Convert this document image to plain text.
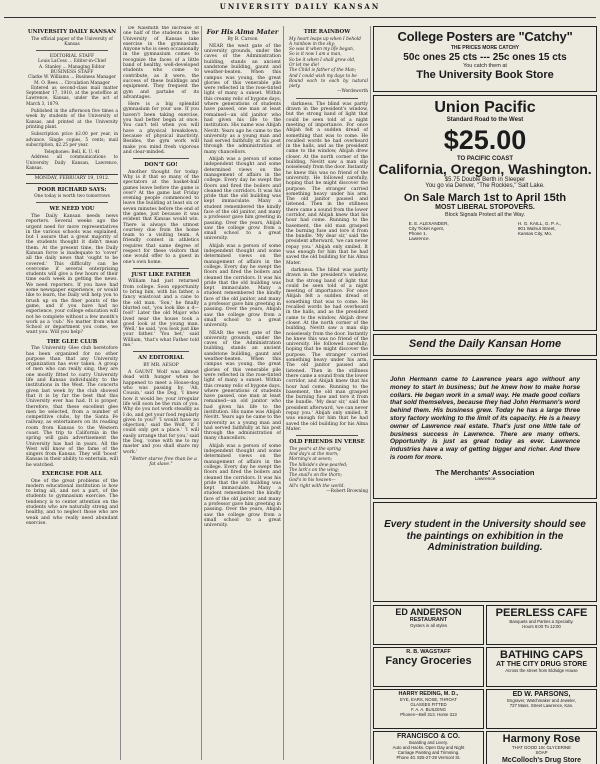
UNIVERSITY DAILY KANSAN
UNIVERSITY DAILY KANSAN
The official paper of the University of Kansas
EDITORIAL STAFF
Louis LaCoss ... Editor-in-Chief
A. Stanley ... Managing Editor
BUSINESS STAFF
Clarke W. Williams ... Business Manager
M. O. Rees ... Circulation Manager

Entered as second-class mail matter September 17, 1910, at the postoffice at Lawrence, Kansas, under the act of March 3, 1879.

Published in the afternoon five times a week by students of the University of Kansas, and printed at the University printing plant.

Subscription price $2.00 per year, in advance. Single copies, 5 cents; mail subscription, $2.25 per year.

Telephones: Bell, K. U. 41

Address all communications to University Daily Kansan, Lawrence, Kansas.

MONDAY, FEBRUARY 19, 1912.
POOR RICHARD SAYS:
One today is worth two tomorrows
WE NEED YOU

The Daily Kansan needs news reporters. Several weeks ago the urgent need for more representatives in the various schools was explained, but I assure that a great majority of the students thought it didn't mean them. At the present time, the Daily Kansan force is inadequate to 'cover' all the daily news that 'ought to be covered.' This difficulty can be overcome if several enterprising students will give a few hours of their time each week in getting the news. We need reporters. If you have had some newspaper experience, or would like to learn, the Daily will help you to brush up on the finer points of the game, and if you have had no experience, your college education will not be complete without a few month's work as a 'cub.' No matter from what School or department you come, we want you. Will you help?

THE GLEE CLUB

The University Glee club heretofore has been organized for no other purpose than that any University organization has ever taken. A group of men who can really sing, they are one mostly fitted to carry University life and Kansas individuality to the institutions in the West. The concerts given last week by the club showed that it is by far the best that this University ever has had. It is proper, therefore, that these excellent glee men be selected, from a number of competitive clubs, by the Santa Fe railway, as entertainers on its reading room from Kansas to the Western coast. The trip to California in the spring will gain advertisement the University has had in years. All the West will know of the fame of the singers from Kansas. They will 'boost' Kansas in their ability to entertain, will be watched.

EXERCISE FOR ALL

One of the great problems of the modern educational institution is how to bring all, and not a part, of the students to gymnasium exercise. The tendency is to center attention on the students who are naturally strong and healthy, and to neglect those who are weak and who really need abundant exercise.

De Naismith the increase of one half of the students in the University of Kansas take exercise in the gymnasium. Anyone who is seen occasionally in the gymnasium comes to recognize the faces of a little band of healthy, well-developed students who come to contribute, as it were, the success of these buildings and equipment. They frequent the gym and partake of its advantages.

Here is a big splendid gymnasium for your use. If you haven't been taking exercise, you had better begin at once. You can't tell when you will have a physical breakdown, because of physical inactivity. Besides, the gym work will make you mind fresh vigorous and clear-minded.

DON'T GO!

Another thought for today. Why is it that so many of the spectators at the basket-ball games leave before the game is over? At the game last Friday evening people commenced to leave the building at least six or seven minutes before the end of the game, just because it was evident that Kansas would win. There is always the utmost courtesy due from the home team to a visiting team. A friendly contest in athletics requires that same degree of respect for these visitors that one would offer to a guest in one's own home.

JUST LIKE FATHER

William had just returned from college. Soon opportunity to bring him, with his father, a fancy waistcoat and a cane to the old man. 'Son,' he finally blurted out, 'you look like a d— fool!' Later the old Major who lived near the house took a good look at the young man. 'Well,' he said, 'you look just like your father.' 'You bet,' said William, 'that's what Father told me.'

AN EDITORIAL
BY MR. AESOP

A GAUNT Wolf was almost dead with hunger when he happened to meet a House-dog who was passing by. 'Ah, Cousin,' said the Dog, 'I knew how it would be; your irregular life will soon be the ruin of you. Why do you not work steadily as I do, and get your food regularly given to you?' 'I would have no objection,' said the Wolf, 'if I could only get a place.' 'I will easily arrange that for you,' said the Dog, 'come with me to my master and you shall share my work.'

"Better starve free than be a fat slave."

For His Alma Mater
By B. Carson

NEAR the west gate of the university grounds, under the caves of the Administration building, stands an ancient sandstone building, gaunt and weather-beaten. When this campus was young, the great glories of this venerable pile were reflected in the rose-tinted light of many a sunset. Within this creamy relic of bygone days, where generations of students have passed, one man at least remained—an old janitor who had given his life to the institution. His name was Abijah Nevitt. Years ago he came to the university as a young man and had served faithfully at his post through the administration of many chancellors.

Abijah was a person of some independent thought and some determined views on the management of affairs in the college. Every day he swept the floors and fired the boilers and cleaned the corridors. It was his pride that the old building was kept immaculate. Many a student remembered the kindly face of the old janitor, and many a professor gave him greeting in passing. Over the years, Abijah saw the college grow from a small school to a great university.

Abijah was a person of some independent thought and some determined views on the management of affairs in the college. Every day he swept the floors and fired the boilers and cleaned the corridors. It was his pride that the old building was kept immaculate. Many a student remembered the kindly face of the old janitor, and many a professor gave him greeting in passing. Over the years, Abijah saw the college grow from a small school to a great university.

NEAR the west gate of the university grounds, under the caves of the Administration building, stands an ancient sandstone building, gaunt and weather-beaten. When this campus was young, the great glories of this venerable pile were reflected in the rose-tinted light of many a sunset. Within this creamy relic of bygone days, where generations of students have passed, one man at least remained—an old janitor who had given his life to the institution. His name was Abijah Nevitt. Years ago he came to the university as a young man and had served faithfully at his post through the administration of many chancellors.

Abijah was a person of some independent thought and some determined views on the management of affairs in the college. Every day he swept the floors and fired the boilers and cleaned the corridors. It was his pride that the old building was kept immaculate. Many a student remembered the kindly face of the old janitor, and many a professor gave him greeting in passing. Over the years, Abijah saw the college grow from a small school to a great university.

THE RAINBOW
My heart leaps up when I behold
A rainbow in the sky;
So was it when my life began,
So is it now I am a man,
So be it when I shall grow old,
Or let me die!
The Child is father of the Man;
And I could wish my days to be
Bound each to each by natural piety.
—Wordsworth

darkness. The blind was partly drawn in the president's window, but the strong band of light that could be seen told of a night meeting of importance. For once Abijah felt a sudden dread of something that was to come. He recalled words he had overheard in the halls, and as the president came to the window, Abijah drew closer. At the north corner of the building, Nevitt saw a man slip noiselessly from the door. Instantly he knew this was no friend of the university. He followed carefully, hoping that he might discover the purpose. The stranger carried something heavy under his arm. The old janitor paused and listened. Then in the stillness there came a sound from the lower corridor, and Abijah knew that his hour had come. Running to the basement, the old man grasped the burning fuse and tore it from the bundle. 'My dear sir,' said the president afterward, 'we can never repay you.' Abijah only smiled. It was enough for him that he had saved the old building for his Alma Mater.

darkness. The blind was partly drawn in the president's window, but the strong band of light that could be seen told of a night meeting of importance. For once Abijah felt a sudden dread of something that was to come. He recalled words he had overheard in the halls, and as the president came to the window, Abijah drew closer. At the north corner of the building, Nevitt saw a man slip noiselessly from the door. Instantly he knew this was no friend of the university. He followed carefully, hoping that he might discover the purpose. The stranger carried something heavy under his arm. The old janitor paused and listened. Then in the stillness there came a sound from the lower corridor, and Abijah knew that his hour had come. Running to the basement, the old man grasped the burning fuse and tore it from the bundle. 'My dear sir,' said the president afterward, 'we can never repay you.' Abijah only smiled. It was enough for him that he had saved the old building for his Alma Mater.

OLD FRIENDS IN VERSE
The year's at the spring
And day's at the morn;
Morning's at seven;
The hillside's dew-pearled;
The lark's on the wing;
The snail's on the thorn;
God's in his heaven—
All's right with the world.
—Robert Browning
College Posters are "Catchy"
THE PRICES MORE CATCHY
50c ones 25 cts --- 25c ones 15 cts
You catch them at
The University Book Store
Union Pacific
Standard Road to the West
$25.00
TO PACIFIC COAST
California, Oregon, Washington.
$5.75 Double Berth in Sleeper
You go via Denver, "The Rockies," Salt Lake.
On Sale March 1st to April 15th
MOST LIBERAL STOPOVERS.
Block Signals Protect all the Way.
E. E. ALEXANDER,
City Ticket Agent,
Phone 1.
Lawrence.
H. G. KAILL, G. P. A.,
901 Walnut Street,
Kansas City, Mo.
Send the Daily Kansan Home
John Hermann came to Lawrence years ago without any money to start in business; but he knew how to make horse collars. He began work in a small way. He made good collars that sold themselves, because they had John Hermann's word behind them. His business grew. Today he has a large three story factory working to the limit of its capacity. He is a heavy owner of Lawrence real estate. That's just one little tale of business success in Lawrence. There are many others. Opportunity is just as great today as ever. Lawrence industries have a way of getting bigger and richer. And there is room for more.
The Merchants' Association
Lawrence
Every student in the University should see the paintings on exhibition in the Administration building.
ED ANDERSON
RESTAURANT
Oysters in all styles
R. B. WAGSTAFF
Fancy Groceries
HARRY REDING, M. D.,
EYE, EARS, NOSE, THROAT
GLASSES FITTED
F. A. A. BUILDING
Phones—Bell 313. Home 313
FRANCISCO & CO.
Boarding and Livery.
Auto and Hacks. Open Day and Night
Carriage Painting and Trimming.
Phone 40. 825-27-29 Vermont St.
PEERLESS CAFE
Banquets and Parties a Specialty.
Hours 6:00 To 12:00
BATHING CAPS
AT THE CITY DRUG STORE
Across the street from Eldridge House
ED W. PARSONS,
Engraver, Watchmaker and Jeweler,
727 Mass. Street Lawrence, Kan.
Harmony Rose
THAT GOOD 10c GLYCERINE
SOAP
McColloch's Drug Store
